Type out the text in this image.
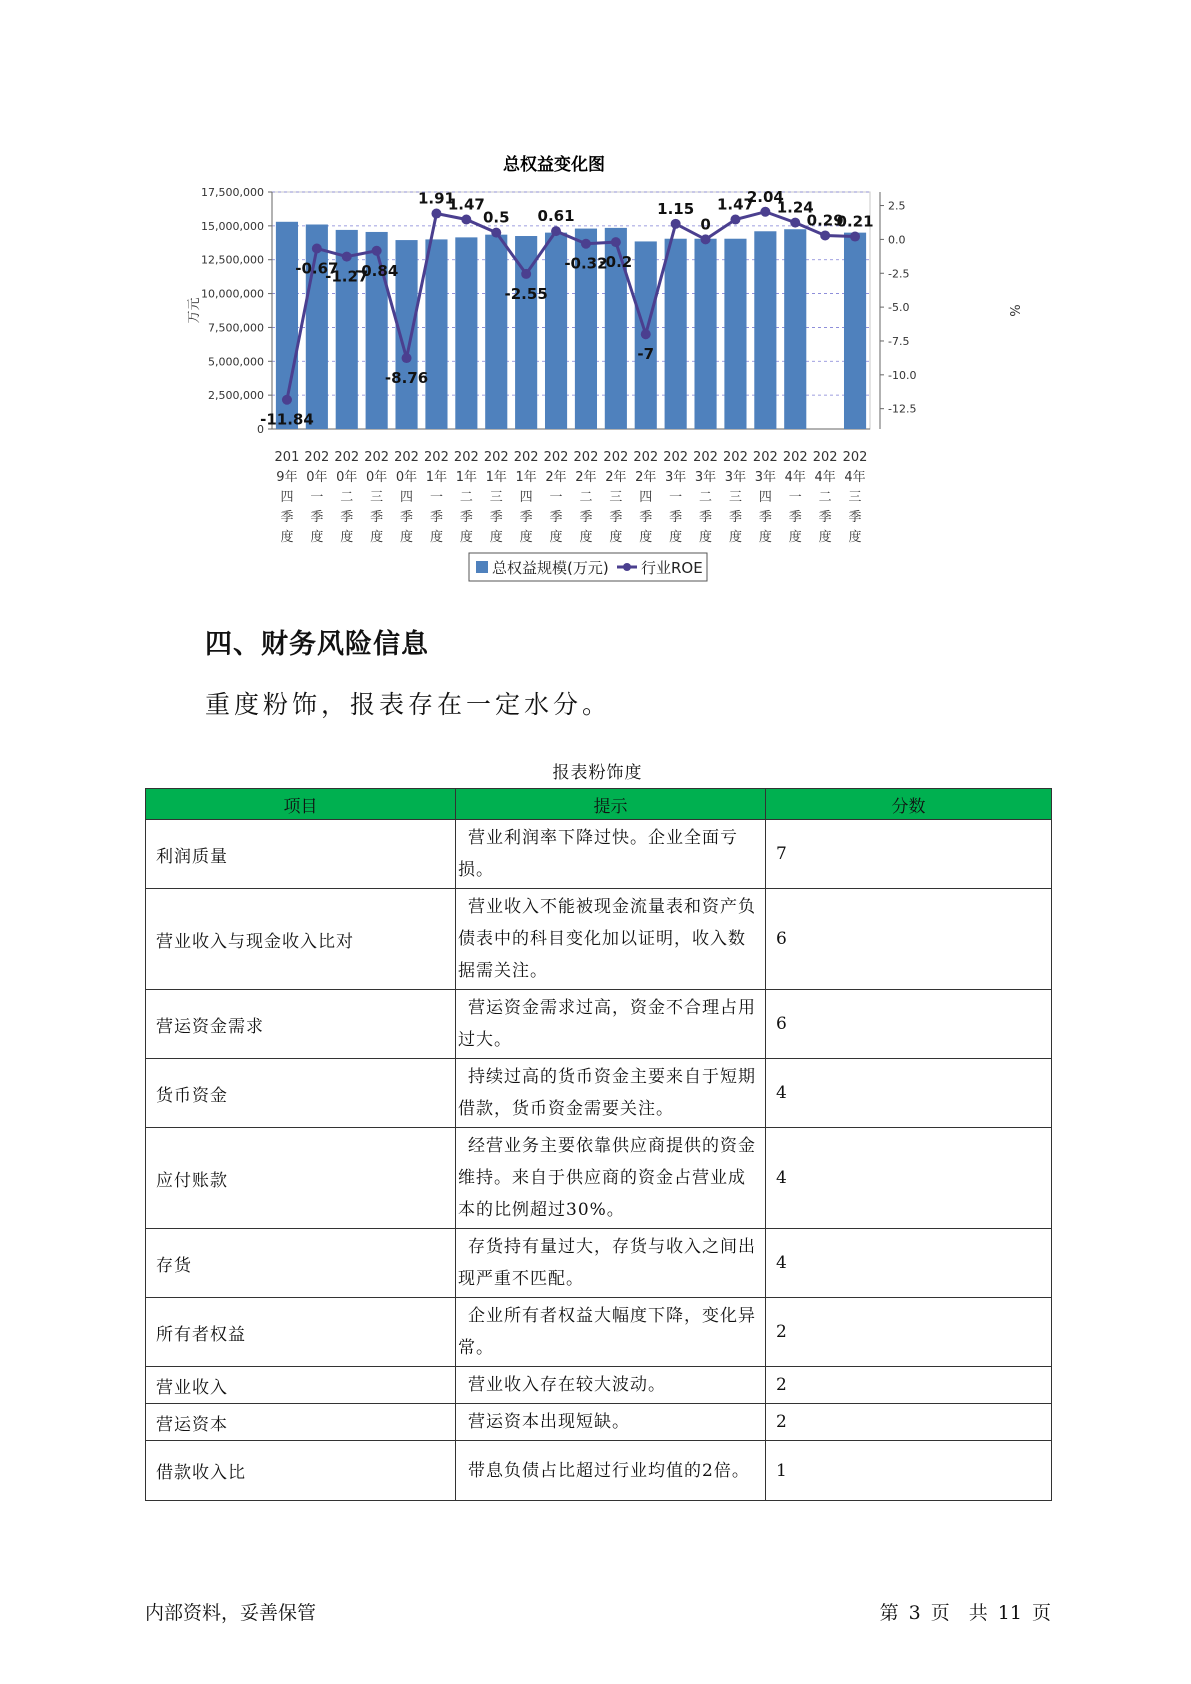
总权益变化图
17,500,000
15,000,000
12,500,000
10,000,000
7,500,000
5,000,000
2,500,000
0
2.5
0.0
-2.5
-5.0
-7.5
-10.0
-12.5
万元	%
201
9年
四
季
度
202
0年
一
季
度
202
0年
二
季
度
202
0年
三
季
度
202
0年
四
季
度
202
1年
一
季
度
202
1年
二
季
度
202
1年
三
季
度
202
1年
四
季
度
202
2年
一
季
度
202
2年
二
季
度
202
2年
三
季
度
202
2年
四
季
度
202
3年
一
季
度
202
3年
二
季
度
202
3年
三
季
度
202
3年
四
季
度
202
4年
一
季
度
202
4年
二
季
度
202
4年
三
季
度
-11.84
-0.67
-1.27
-0.84
-8.76
1.91
1.47
0.5
-2.55
0.61
-0.32
-0.2
-7
1.15
0
1.47
2.04
1.24
0.29
0.21
总权益规模(万元) 行业ROE
四、财务风险信息

重度粉饰，报表存在一定水分。

报表粉饰度
项目	提示	分数
利润质量	营业利润率下降过快。企业全面亏损。	7
营业收入与现金收入比对	营业收入不能被现金流量表和资产负债表中的科目变化加以证明，收入数据需关注。	6
营运资金需求	营运资金需求过高，资金不合理占用过大。	6
货币资金	持续过高的货币资金主要来自于短期借款，货币资金需要关注。	4
应付账款	经营业务主要依靠供应商提供的资金维持。来自于供应商的资金占营业成本的比例超过30%。	4
存货	存货持有量过大，存货与收入之间出现严重不匹配。	4
所有者权益	企业所有者权益大幅度下降，变化异常。	2
营业收入	营业收入存在较大波动。	2
营运资本	营运资本出现短缺。	2
借款收入比	带息负债占比超过行业均值的2倍。	1
内部资料，妥善保管	第 3 页　共 11 页
